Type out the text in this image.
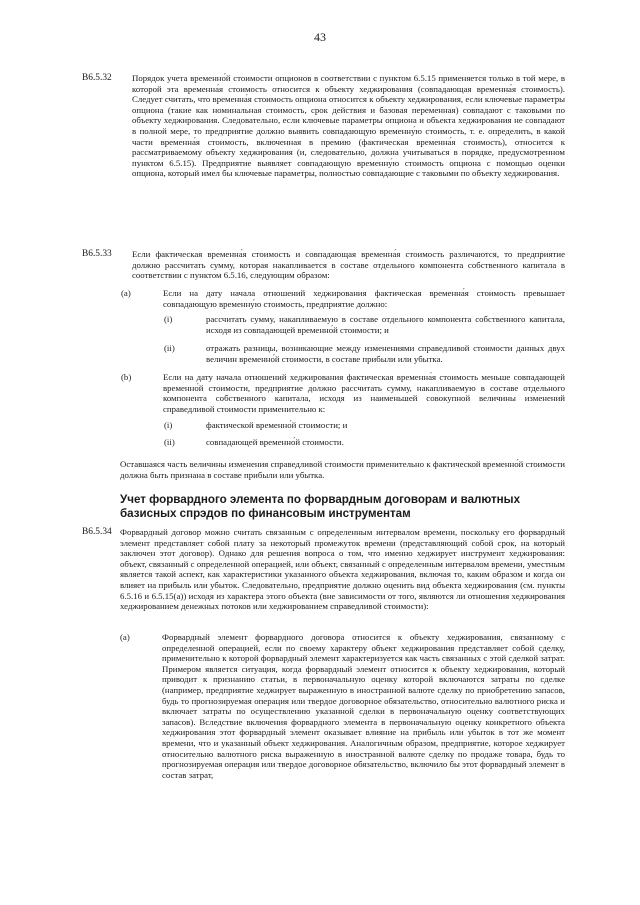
43
B6.5.32 Порядок учета временно́й стоимости опционов в соответствии с пунктом 6.5.15 применяется только в той мере, в которой эта временна́я стоимость относится к объекту хеджирования (совпадающая временна́я стоимость). Следует считать, что временна́я стоимость опциона относится к объекту хеджирования, если ключевые параметры опциона (такие как номинальная стоимость, срок действия и базовая переменная) совпадают с таковыми по объекту хеджирования. Следовательно, если ключевые параметры опциона и объекта хеджирования не совпадают в полной мере, то предприятие должно выявить совпадающую временну́ю стоимость, т. е. определить, в какой части временна́я стоимость, включенная в премию (фактическая временна́я стоимость), относится к рассматриваемому объекту хеджирования (и, следовательно, должна учитываться в порядке, предусмотренном пунктом 6.5.15). Предприятие выявляет совпадающую временну́ю стоимость опциона с помощью оценки опциона, который имел бы ключевые параметры, полностью совпадающие с таковыми по объекту хеджирования.
B6.5.33 Если фактическая временна́я стоимость и совпадающая временна́я стоимость различаются, то предприятие должно рассчитать сумму, которая накапливается в составе отдельного компонента собственного капитала в соответствии с пунктом 6.5.16, следующим образом:
(a)	Если на дату начала отношений хеджирования фактическая временна́я стоимость превышает совпадающую временну́ю стоимость, предприятие должно:
(i)	рассчитать сумму, накапливаемую в составе отдельного компонента собственного капитала, исходя из совпадающей временно́й стоимости; и
(ii)	отражать разницы, возникающие между изменениями справедливой стоимости данных двух величин временно́й стоимости, в составе прибыли или убытка.
(b)	Если на дату начала отношений хеджирования фактическая временна́я стоимость меньше совпадающей временно́й стоимости, предприятие должно рассчитать сумму, накапливаемую в составе отдельного компонента собственного капитала, исходя из наименьшей совокупной величины изменений справедливой стоимости применительно к:
(i)	фактической временно́й стоимости; и
(ii)	совпадающей временно́й стоимости.
Оставшаяся часть величины изменения справедливой стоимости применительно к фактической временно́й стоимости должна быть признана в составе прибыли или убытка.
Учет форвардного элемента по форвардным договорам и валютных базисных спрэдов по финансовым инструментам
B6.5.34 Форвардный договор можно считать связанным с определенным интервалом времени, поскольку его форвардный элемент представляет собой плату за некоторый промежуток времени (представляющий собой срок, на который заключен этот договор). Однако для решения вопроса о том, что именно хеджирует инструмент хеджирования: объект, связанный с определенной операцией, или объект, связанный с определенным интервалом времени, уместным является такой аспект, как характеристики указанного объекта хеджирования, включая то, каким образом и когда он влияет на прибыль или убыток. Следовательно, предприятие должно оценить вид объекта хеджирования (см. пункты 6.5.16 и 6.5.15(a)) исходя из характера этого объекта (вне зависимости от того, являются ли отношения хеджирования хеджированием денежных потоков или хеджированием справедливой стоимости):
(a)	Форвардный элемент форвардного договора относится к объекту хеджирования, связанному с определенной операцией, если по своему характеру объект хеджирования представляет собой сделку, применительно к которой форвардный элемент характеризуется как часть связанных с этой сделкой затрат. Примером является ситуация, когда форвардный элемент относится к объекту хеджирования, который приводит к признанию статьи, в первоначальную оценку которой включаются затраты по сделке (например, предприятие хеджирует выраженную в иностранной валюте сделку по приобретению запасов, будь то прогнозируемая операция или твердое договорное обязательство, относительно валютного риска и включает затраты по осуществлению указанной сделки в первоначальную оценку соответствующих запасов). Вследствие включения форвардного элемента в первоначальную оценку конкретного объекта хеджирования этот форвардный элемент оказывает влияние на прибыль или убыток в тот же момент времени, что и указанный объект хеджирования. Аналогичным образом, предприятие, которое хеджирует относительно валютного риска выраженную в иностранной валюте сделку по продаже товара, будь то прогнозируемая операция или твердое договорное обязательство, включило бы этот форвардный элемент в состав затрат,
